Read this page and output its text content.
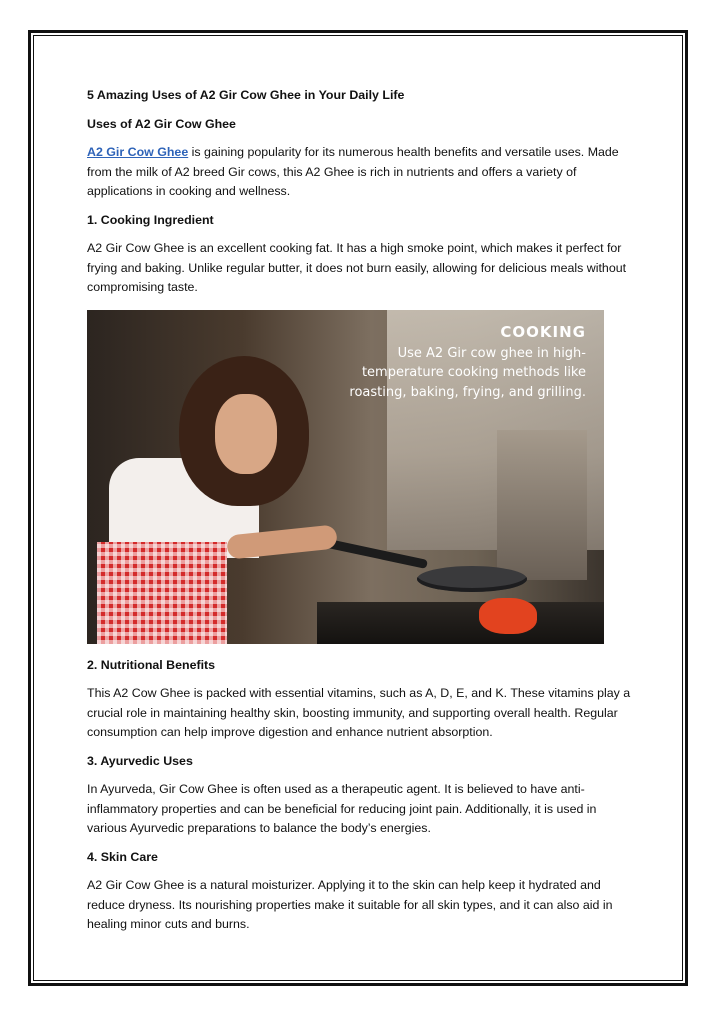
5 Amazing Uses of A2 Gir Cow Ghee in Your Daily Life

Uses of A2 Gir Cow Ghee

A2 Gir Cow Ghee is gaining popularity for its numerous health benefits and versatile uses. Made from the milk of A2 breed Gir cows, this A2 Ghee is rich in nutrients and offers a variety of applications in cooking and wellness.

1. Cooking Ingredient

A2 Gir Cow Ghee is an excellent cooking fat. It has a high smoke point, which makes it perfect for frying and baking. Unlike regular butter, it does not burn easily, allowing for delicious meals without compromising taste.

COOKING
Use A2 Gir cow ghee in high-temperature cooking methods like roasting, baking, frying, and grilling.

2. Nutritional Benefits

This A2 Cow Ghee is packed with essential vitamins, such as A, D, E, and K. These vitamins play a crucial role in maintaining healthy skin, boosting immunity, and supporting overall health. Regular consumption can help improve digestion and enhance nutrient absorption.

3. Ayurvedic Uses

In Ayurveda, Gir Cow Ghee is often used as a therapeutic agent. It is believed to have anti-inflammatory properties and can be beneficial for reducing joint pain. Additionally, it is used in various Ayurvedic preparations to balance the body’s energies.

4. Skin Care

A2 Gir Cow Ghee is a natural moisturizer. Applying it to the skin can help keep it hydrated and reduce dryness. Its nourishing properties make it suitable for all skin types, and it can also aid in healing minor cuts and burns.
